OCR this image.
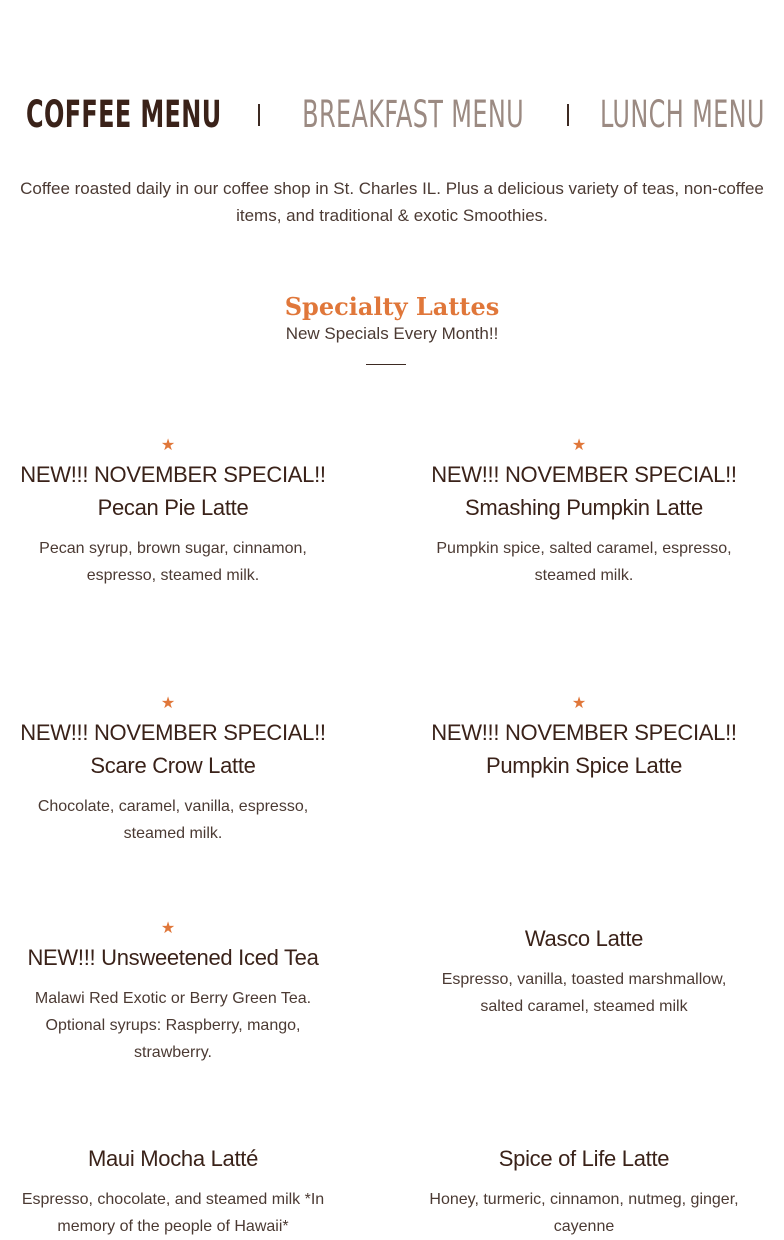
COFFEE MENU BREAKFAST MENU LUNCH MENU

Coffee roasted daily in our coffee shop in St. Charles IL. Plus a delicious variety of teas, non-coffee items, and traditional & exotic Smoothies.

Specialty Lattes
New Specials Every Month!!
★
NEW!!! NOVEMBER SPECIAL!! Pecan Pie Latte
Pecan syrup, brown sugar, cinnamon, espresso, steamed milk.
★
NEW!!! NOVEMBER SPECIAL!! Smashing Pumpkin Latte
Pumpkin spice, salted caramel, espresso, steamed milk.
★
NEW!!! NOVEMBER SPECIAL!! Scare Crow Latte
Chocolate, caramel, vanilla, espresso, steamed milk.
★
NEW!!! NOVEMBER SPECIAL!! Pumpkin Spice Latte
★
NEW!!! Unsweetened Iced Tea
Malawi Red Exotic or Berry Green Tea. Optional syrups: Raspberry, mango, strawberry.
Wasco Latte
Espresso, vanilla, toasted marshmallow, salted caramel, steamed milk
Maui Mocha Latté
Espresso, chocolate, and steamed milk *In memory of the people of Hawaii*
Spice of Life Latte
Honey, turmeric, cinnamon, nutmeg, ginger, cayenne
